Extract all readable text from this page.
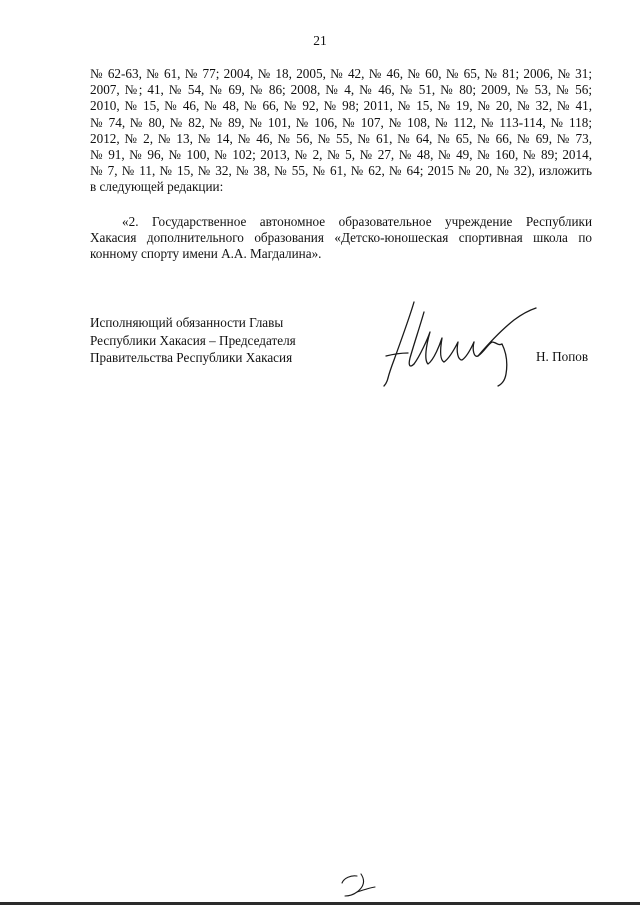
21
№ 62-63, № 61, № 77; 2004, № 18, 2005, № 42, № 46, № 60, № 65, № 81; 2006, № 31;
2007, №; 41, № 54, № 69, № 86; 2008, № 4, № 46, № 51, № 80; 2009, № 53, № 56;
2010, № 15, № 46, № 48, № 66, № 92, № 98; 2011, № 15, № 19, № 20, № 32, № 41,
№ 74, № 80, № 82, № 89, № 101, № 106, № 107, № 108, № 112, № 113-114, № 118;
2012, № 2, № 13, № 14, № 46, № 56, № 55, № 61, № 64, № 65, № 66, № 69, № 73,
№ 91, № 96, № 100, № 102; 2013, № 2, № 5, № 27, № 48, № 49, № 160, № 89; 2014,
№ 7, № 11, № 15, № 32, № 38, № 55, № 61, № 62, № 64; 2015 № 20, № 32), изложить
в следующей редакции:
«2. Государственное автономное образовательное учреждение Республики
Хакасия дополнительного образования «Детско-юношеская спортивная школа по
конному спорту имени А.А. Магдалина».
Исполняющий обязанности Главы
Республики Хакасия – Председателя
Правительства Республики Хакасия	Н. Попов
